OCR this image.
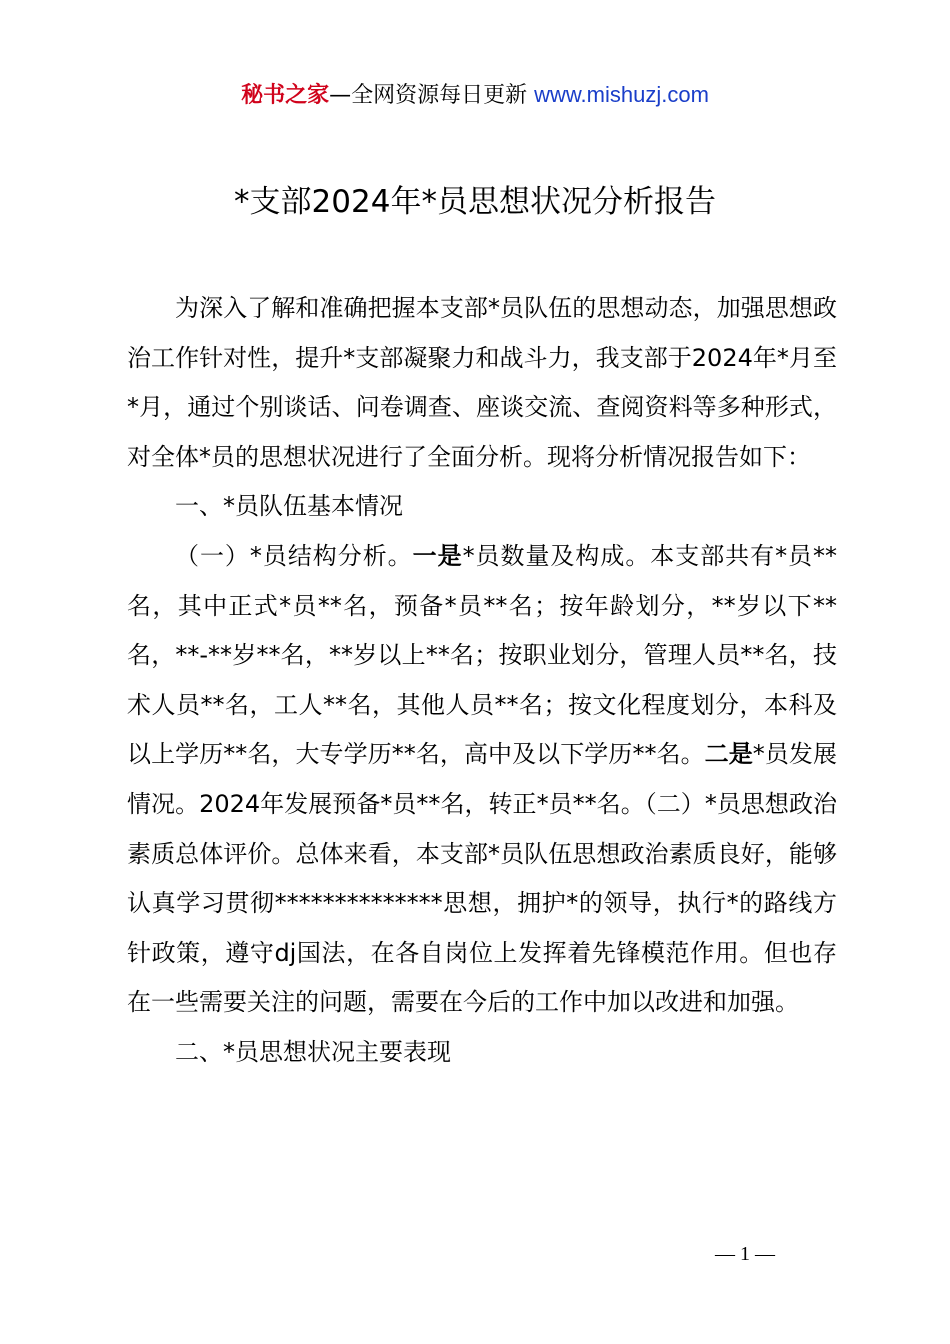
秘书之家—全网资源每日更新 www.mishuzj.com
*支部2024年*员思想状况分析报告

为深入了解和准确把握本支部*员队伍的思想动态，加强思想政治工作针对性，提升*支部凝聚力和战斗力，我支部于2024年*月至*月，通过个别谈话、问卷调查、座谈交流、查阅资料等多种形式，对全体*员的思想状况进行了全面分析。现将分析情况报告如下：

一、*员队伍基本情况

（一）*员结构分析。一是*员数量及构成。本支部共有*员**名，其中正式*员**名，预备*员**名；按年龄划分，**岁以下**名，**-**岁**名，**岁以上**名；按职业划分，管理人员**名，技术人员**名，工人**名，其他人员**名；按文化程度划分，本科及以上学历**名，大专学历**名，高中及以下学历**名。二是*员发展情况。2024年发展预备*员**名，转正*员**名。（二）*员思想政治素质总体评价。总体来看，本支部*员队伍思想政治素质良好，能够认真学习贯彻**************思想，拥护*的领导，执行*的路线方针政策，遵守dj国法，在各自岗位上发挥着先锋模范作用。但也存在一些需要关注的问题，需要在今后的工作中加以改进和加强。

二、*员思想状况主要表现

— 1 —
